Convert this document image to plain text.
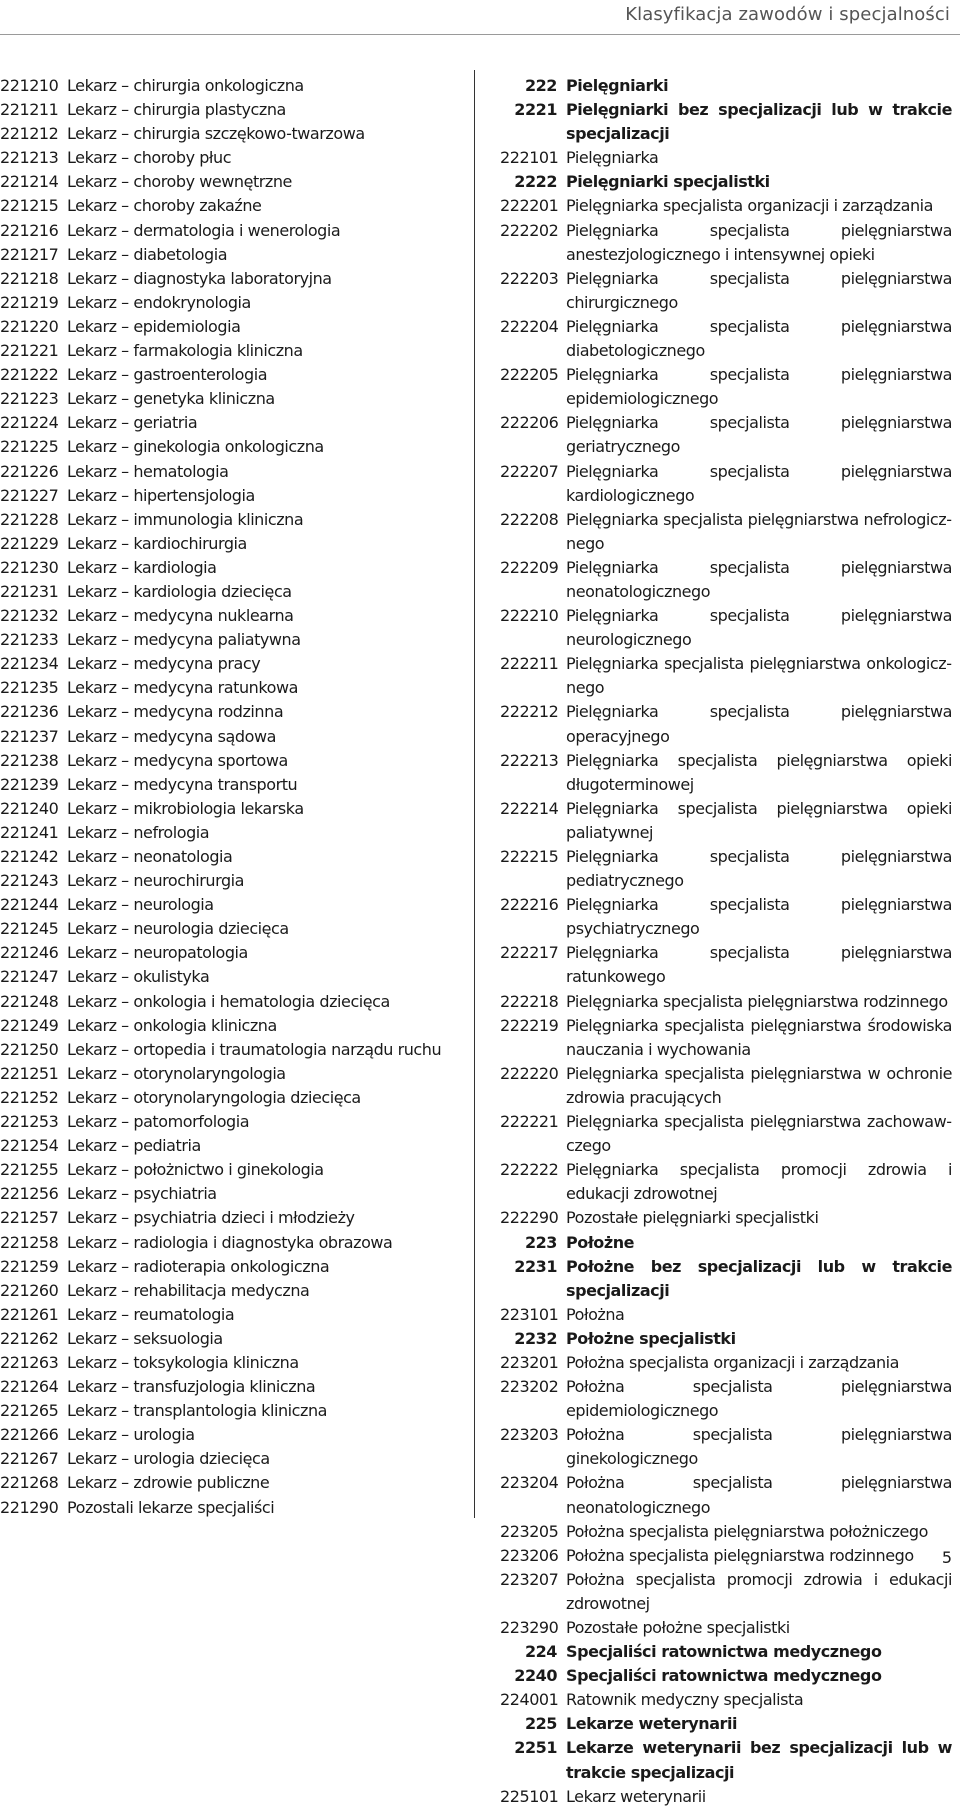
Klasyfikacja zawodów i specjalności
221210 Lekarz – chirurgia onkologiczna
221211 Lekarz – chirurgia plastyczna
221212 Lekarz – chirurgia szczękowo-twarzowa
221213 Lekarz – choroby płuc
221214 Lekarz – choroby wewnętrzne
221215 Lekarz – choroby zakaźne
221216 Lekarz – dermatologia i wenerologia
221217 Lekarz – diabetologia
221218 Lekarz – diagnostyka laboratoryjna
221219 Lekarz – endokrynologia
221220 Lekarz – epidemiologia
221221 Lekarz – farmakologia kliniczna
221222 Lekarz – gastroenterologia
221223 Lekarz – genetyka kliniczna
221224 Lekarz – geriatria
221225 Lekarz – ginekologia onkologiczna
221226 Lekarz – hematologia
221227 Lekarz – hipertensjologia
221228 Lekarz – immunologia kliniczna
221229 Lekarz – kardiochirurgia
221230 Lekarz – kardiologia
221231 Lekarz – kardiologia dziecięca
221232 Lekarz – medycyna nuklearna
221233 Lekarz – medycyna paliatywna
221234 Lekarz – medycyna pracy
221235 Lekarz – medycyna ratunkowa
221236 Lekarz – medycyna rodzinna
221237 Lekarz – medycyna sądowa
221238 Lekarz – medycyna sportowa
221239 Lekarz – medycyna transportu
221240 Lekarz – mikrobiologia lekarska
221241 Lekarz – nefrologia
221242 Lekarz – neonatologia
221243 Lekarz – neurochirurgia
221244 Lekarz – neurologia
221245 Lekarz – neurologia dziecięca
221246 Lekarz – neuropatologia
221247 Lekarz – okulistyka
221248 Lekarz – onkologia i hematologia dziecięca
221249 Lekarz – onkologia kliniczna
221250 Lekarz – ortopedia i traumatologia narządu ruchu
221251 Lekarz – otorynolaryngologia
221252 Lekarz – otorynolaryngologia dziecięca
221253 Lekarz – patomorfologia
221254 Lekarz – pediatria
221255 Lekarz – położnictwo i ginekologia
221256 Lekarz – psychiatria
221257 Lekarz – psychiatria dzieci i młodzieży
221258 Lekarz – radiologia i diagnostyka obrazowa
221259 Lekarz – radioterapia onkologiczna
221260 Lekarz – rehabilitacja medyczna
221261 Lekarz – reumatologia
221262 Lekarz – seksuologia
221263 Lekarz – toksykologia kliniczna
221264 Lekarz – transfuzjologia kliniczna
221265 Lekarz – transplantologia kliniczna
221266 Lekarz – urologia
221267 Lekarz – urologia dziecięca
221268 Lekarz – zdrowie publiczne
221290 Pozostali lekarze specjaliści
222 Pielęgniarki
2221 Pielęgniarki bez specjalizacji lub w trakcie specjalizacji
222101 Pielęgniarka
2222 Pielęgniarki specjalistki
222201 Pielęgniarka specjalista organizacji i zarządzania
222202 Pielęgniarka specjalista pielęgniarstwa anestezjologicznego i intensywnej opieki
222203 Pielęgniarka specjalista pielęgniarstwa chirurgicznego
222204 Pielęgniarka specjalista pielęgniarstwa diabetologicznego
222205 Pielęgniarka specjalista pielęgniarstwa epidemiologicznego
222206 Pielęgniarka specjalista pielęgniarstwa geriatrycznego
222207 Pielęgniarka specjalista pielęgniarstwa kardiologicznego
222208 Pielęgniarka specjalista pielęgniarstwa nefrologicznego
222209 Pielęgniarka specjalista pielęgniarstwa neonatologicznego
222210 Pielęgniarka specjalista pielęgniarstwa neurologicznego
222211 Pielęgniarka specjalista pielęgniarstwa onkologicznego
222212 Pielęgniarka specjalista pielęgniarstwa operacyjnego
222213 Pielęgniarka specjalista pielęgniarstwa opieki długoterminowej
222214 Pielęgniarka specjalista pielęgniarstwa opieki paliatywnej
222215 Pielęgniarka specjalista pielęgniarstwa pediatrycznego
222216 Pielęgniarka specjalista pielęgniarstwa psychiatrycznego
222217 Pielęgniarka specjalista pielęgniarstwa ratunkowego
222218 Pielęgniarka specjalista pielęgniarstwa rodzinnego
222219 Pielęgniarka specjalista pielęgniarstwa środowiska nauczania i wychowania
222220 Pielęgniarka specjalista pielęgniarstwa w ochronie zdrowia pracujących
222221 Pielęgniarka specjalista pielęgniarstwa zachowawczego
222222 Pielęgniarka specjalista promocji zdrowia i edukacji zdrowotnej
222290 Pozostałe pielęgniarki specjalistki
223 Położne
2231 Położne bez specjalizacji lub w trakcie specjalizacji
223101 Położna
2232 Położne specjalistki
223201 Położna specjalista organizacji i zarządzania
223202 Położna specjalista pielęgniarstwa epidemiologicznego
223203 Położna specjalista pielęgniarstwa ginekologicznego
223204 Położna specjalista pielęgniarstwa neonatologicznego
223205 Położna specjalista pielęgniarstwa położniczego
223206 Położna specjalista pielęgniarstwa rodzinnego
223207 Położna specjalista promocji zdrowia i edukacji zdrowotnej
223290 Pozostałe położne specjalistki
224 Specjaliści ratownictwa medycznego
2240 Specjaliści ratownictwa medycznego
224001 Ratownik medyczny specjalista
225 Lekarze weterynarii
2251 Lekarze weterynarii bez specjalizacji lub w trakcie specjalizacji
225101 Lekarz weterynarii
5
